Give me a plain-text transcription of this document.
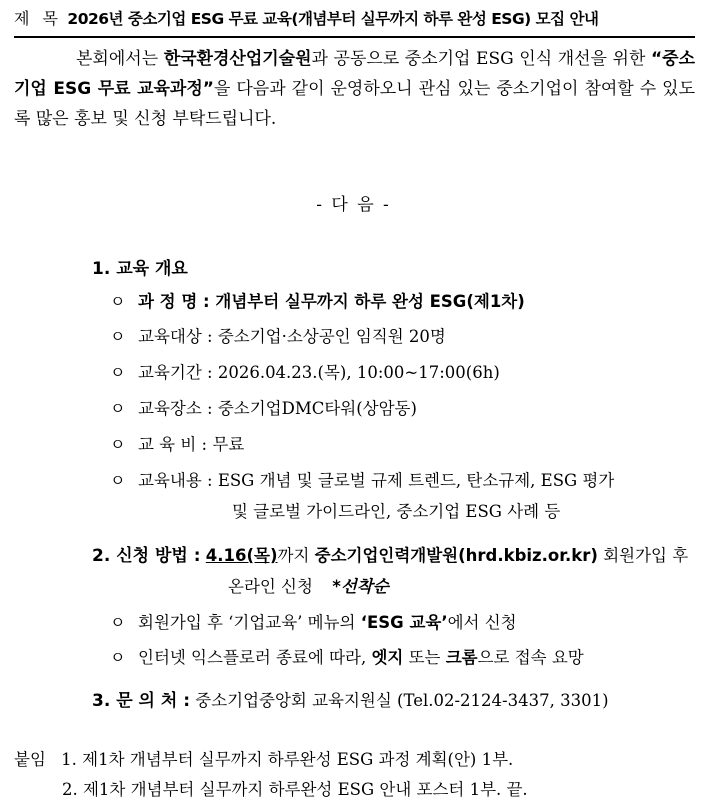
제 목 2026년 중소기업 ESG 무료 교육(개념부터 실무까지 하루 완성 ESG) 모집 안내
본회에서는 한국환경산업기술원과 공동으로 중소기업 ESG 인식 개선을 위한 “중소기업 ESG 무료 교육과정”을 다음과 같이 운영하오니 관심 있는 중소기업이 참여할 수 있도록 많은 홍보 및 신청 부탁드립니다.
- 다 음 -
1. 교육 개요
ㅇ 과 정 명 : 개념부터 실무까지 하루 완성 ESG(제1차)
ㅇ 교육대상 : 중소기업·소상공인 임직원 20명
ㅇ 교육기간 : 2026.04.23.(목), 10:00~17:00(6h)
ㅇ 교육장소 : 중소기업DMC타워(상암동)
ㅇ 교 육 비 : 무료
ㅇ 교육내용 : ESG 개념 및 글로벌 규제 트렌드, 탄소규제, ESG 평가
및 글로벌 가이드라인, 중소기업 ESG 사례 등
2. 신청 방법 : 4.16(목)까지 중소기업인력개발원(hrd.kbiz.or.kr) 회원가입 후
온라인 신청 *선착순
ㅇ 회원가입 후 ‘기업교육’ 메뉴의 ‘ESG 교육’에서 신청
ㅇ 인터넷 익스플로러 종료에 따라, 엣지 또는 크롬으로 접속 요망
3. 문 의 처 : 중소기업중앙회 교육지원실 (Tel.02-2124-3437, 3301)
붙임 1. 제1차 개념부터 실무까지 하루완성 ESG 과정 계획(안) 1부.
2. 제1차 개념부터 실무까지 하루완성 ESG 안내 포스터 1부. 끝.
